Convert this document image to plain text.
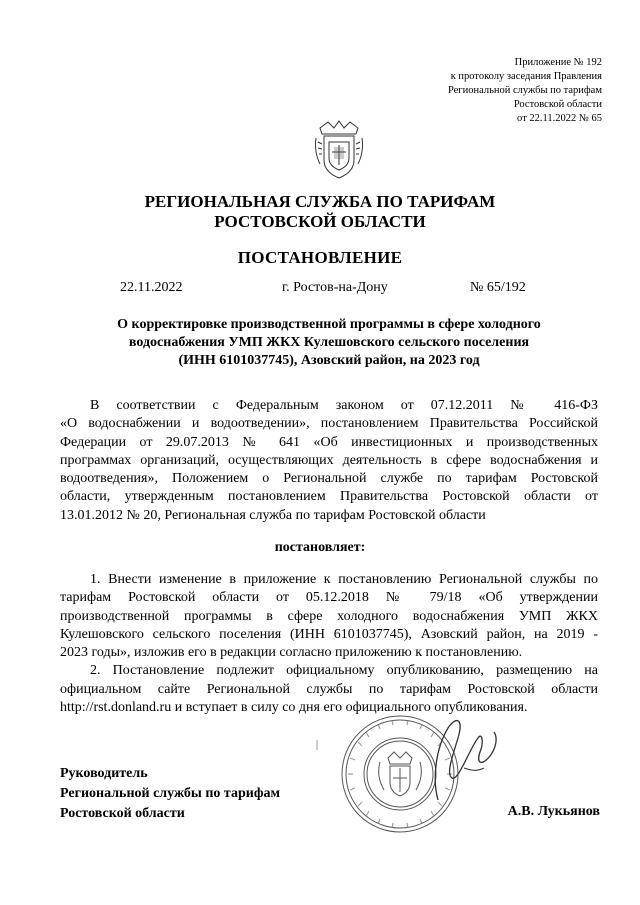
Приложение № 192
к протоколу заседания Правления
Региональной службы по тарифам
Ростовской области
от 22.11.2022 № 65
РЕГИОНАЛЬНАЯ СЛУЖБА ПО ТАРИФАМ
РОСТОВСКОЙ ОБЛАСТИ
ПОСТАНОВЛЕНИЕ
22.11.2022	г. Ростов-на-Дону	№ 65/192
О корректировке производственной программы в сфере холодного
водоснабжения УМП ЖКХ Кулешовского сельского поселения
(ИНН 6101037745), Азовский район, на 2023 год
В соответствии с Федеральным законом от 07.12.2011 № 416-ФЗ
«О водоснабжении и водоотведении», постановлением Правительства Российской
Федерации от 29.07.2013 № 641 «Об инвестиционных и производственных
программах организаций, осуществляющих деятельность в сфере водоснабжения и
водоотведения», Положением о Региональной службе по тарифам Ростовской
области, утвержденным постановлением Правительства Ростовской области от
13.01.2012 № 20, Региональная служба по тарифам Ростовской области
постановляет:
1. Внести изменение в приложение к постановлению Региональной службы по
тарифам Ростовской области от 05.12.2018 № 79/18 «Об утверждении
производственной программы в сфере холодного водоснабжения УМП ЖКХ
Кулешовского сельского поселения (ИНН 6101037745), Азовский район, на 2019 -
2023 годы», изложив его в редакции согласно приложению к постановлению.
2. Постановление подлежит официальному опубликованию, размещению на
официальном сайте Региональной службы по тарифам Ростовской области
http://rst.donland.ru и вступает в силу со дня его официального опубликования.
Руководитель
Региональной службы по тарифам
Ростовской области	А.В. Лукьянов
